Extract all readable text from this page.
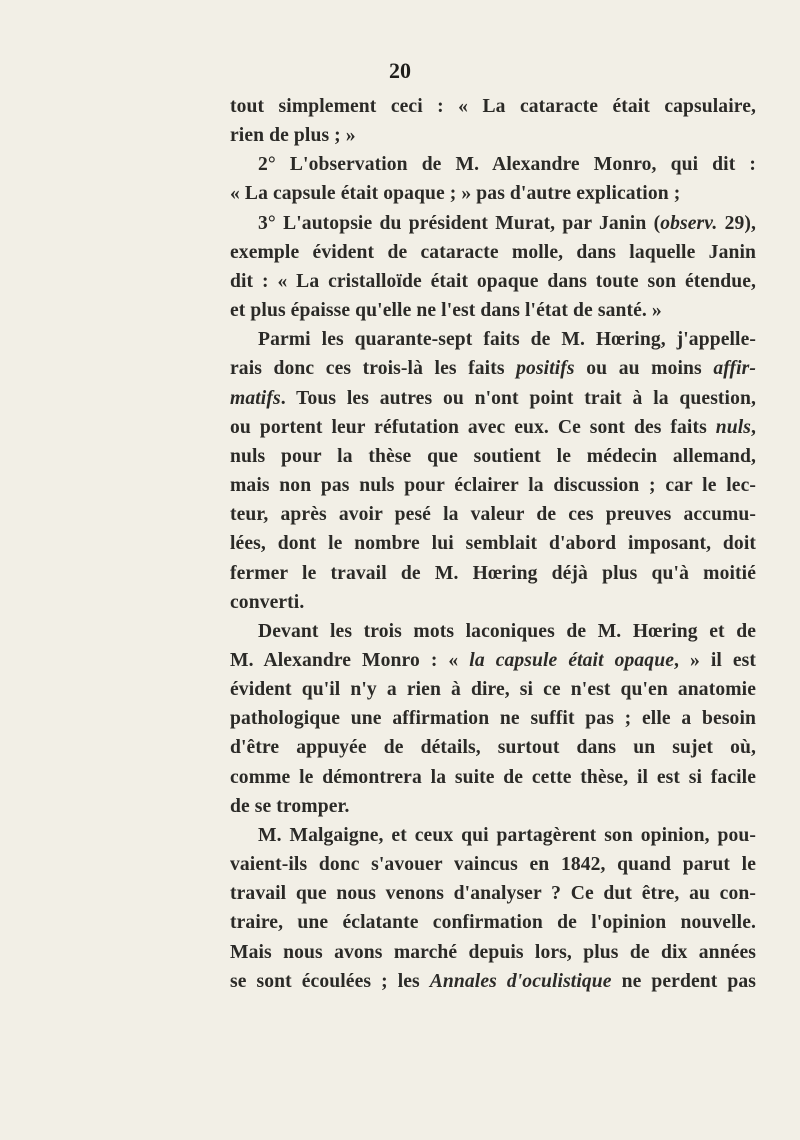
20
tout simplement ceci : « La cataracte était capsulaire,
rien de plus ; »
2° L'observation de M. Alexandre Monro, qui dit :
« La capsule était opaque ; » pas d'autre explication ;
3° L'autopsie du président Murat, par Janin (observ. 29),
exemple évident de cataracte molle, dans laquelle Janin
dit : « La cristalloïde était opaque dans toute son étendue,
et plus épaisse qu'elle ne l'est dans l'état de santé. »
Parmi les quarante-sept faits de M. Hœring, j'appelle-
rais donc ces trois-là les faits positifs ou au moins affir-
matifs. Tous les autres ou n'ont point trait à la question,
ou portent leur réfutation avec eux. Ce sont des faits nuls,
nuls pour la thèse que soutient le médecin allemand,
mais non pas nuls pour éclairer la discussion ; car le lec-
teur, après avoir pesé la valeur de ces preuves accumu-
lées, dont le nombre lui semblait d'abord imposant, doit
fermer le travail de M. Hœring déjà plus qu'à moitié
converti.
Devant les trois mots laconiques de M. Hœring et de
M. Alexandre Monro : « la capsule était opaque, » il est
évident qu'il n'y a rien à dire, si ce n'est qu'en anatomie
pathologique une affirmation ne suffit pas ; elle a besoin
d'être appuyée de détails, surtout dans un sujet où,
comme le démontrera la suite de cette thèse, il est si facile
de se tromper.
M. Malgaigne, et ceux qui partagèrent son opinion, pou-
vaient-ils donc s'avouer vaincus en 1842, quand parut le
travail que nous venons d'analyser ? Ce dut être, au con-
traire, une éclatante confirmation de l'opinion nouvelle.
Mais nous avons marché depuis lors, plus de dix années
se sont écoulées ; les Annales d'oculistique ne perdent pas
